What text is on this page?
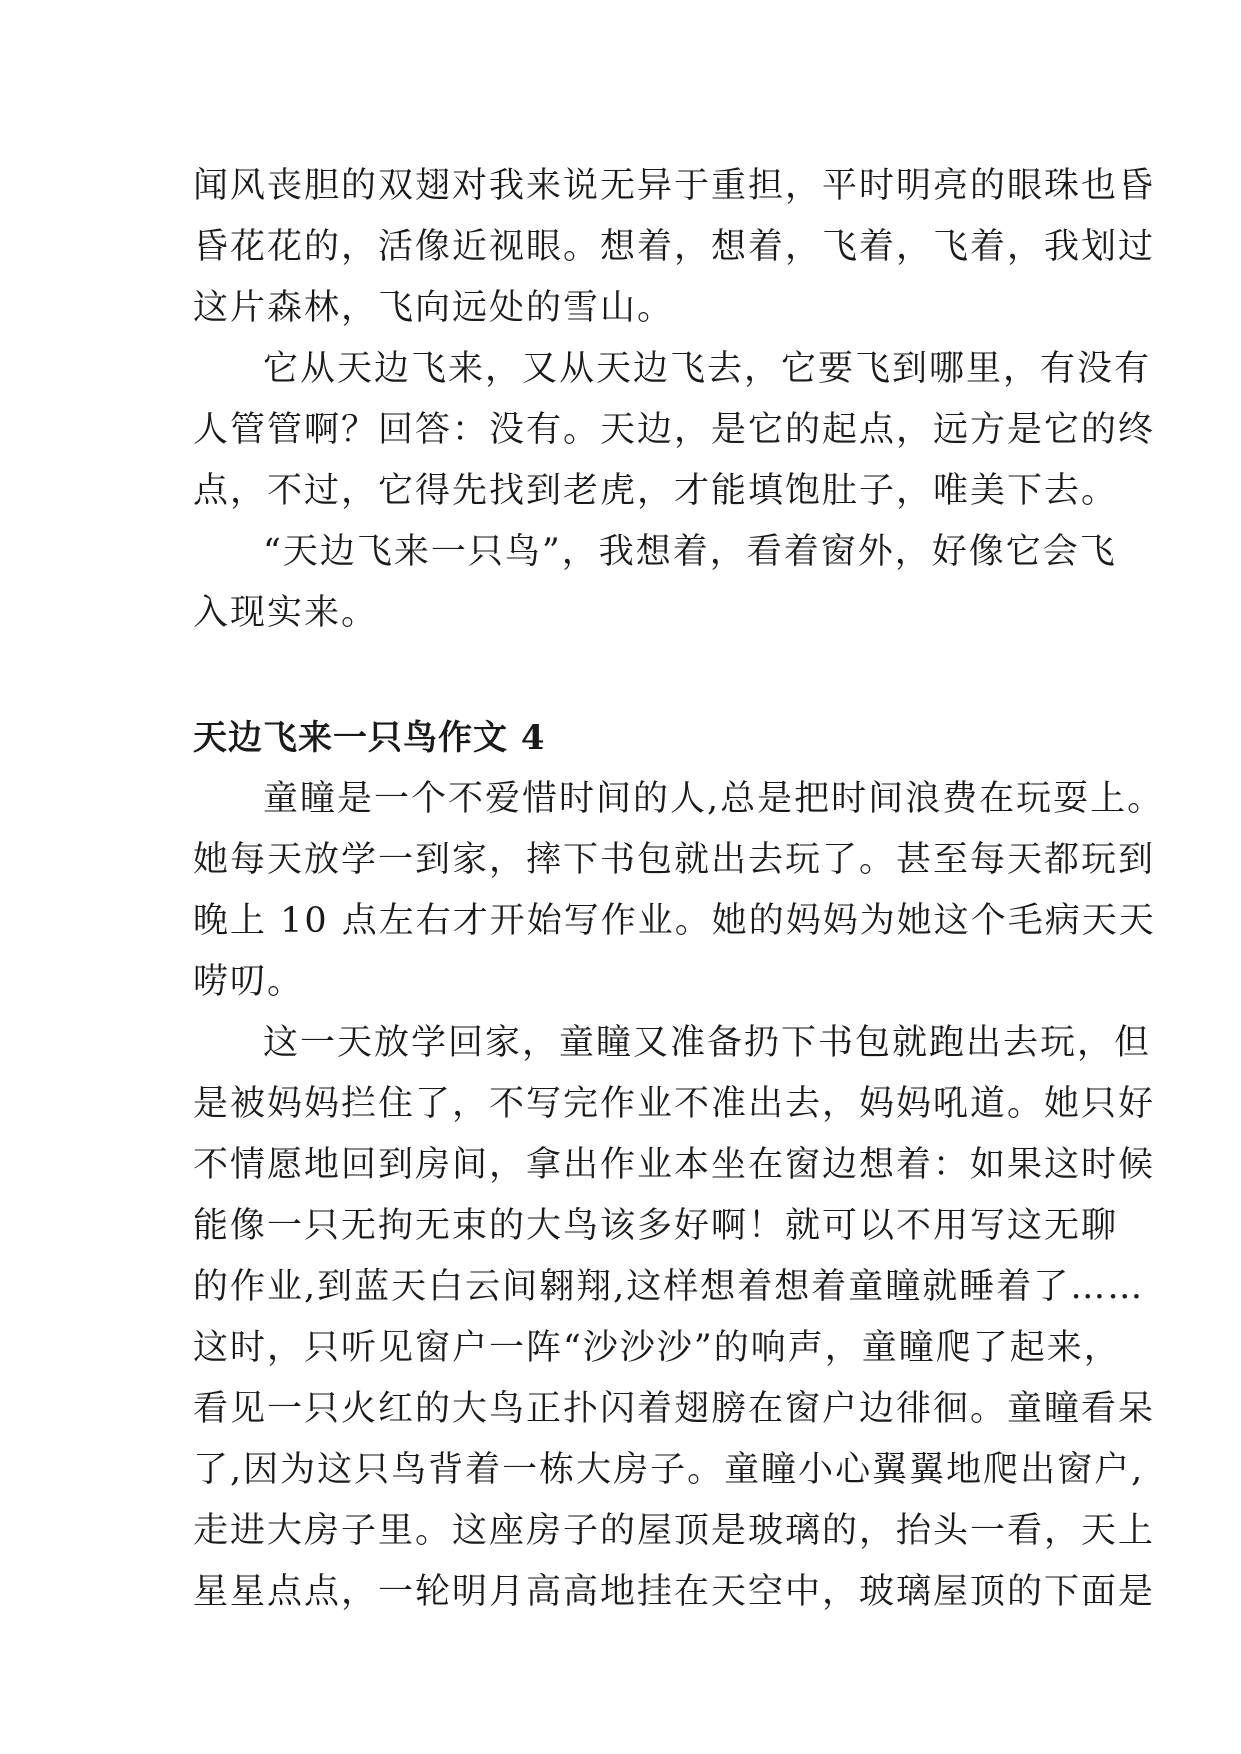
闻风丧胆的双翅对我来说无异于重担，平时明亮的眼珠也昏
昏花花的，活像近视眼。想着，想着，飞着，飞着，我划过
这片森林，飞向远处的雪山。

它从天边飞来，又从天边飞去，它要飞到哪里，有没有
人管管啊？回答：没有。天边，是它的起点，远方是它的终
点，不过，它得先找到老虎，才能填饱肚子，唯美下去。

“天边飞来一只鸟”，我想着，看着窗外，好像它会飞
入现实来。

天边飞来一只鸟作文 4

童瞳是一个不爱惜时间的人,总是把时间浪费在玩耍上。
她每天放学一到家，摔下书包就出去玩了。甚至每天都玩到
晚上 10 点左右才开始写作业。她的妈妈为她这个毛病天天
唠叨。

这一天放学回家，童瞳又准备扔下书包就跑出去玩，但
是被妈妈拦住了，不写完作业不准出去，妈妈吼道。她只好
不情愿地回到房间，拿出作业本坐在窗边想着：如果这时候
能像一只无拘无束的大鸟该多好啊！就可以不用写这无聊
的作业,到蓝天白云间翱翔,这样想着想着童瞳就睡着了……
这时，只听见窗户一阵“沙沙沙”的响声，童瞳爬了起来，
看见一只火红的大鸟正扑闪着翅膀在窗户边徘徊。童瞳看呆
了,因为这只鸟背着一栋大房子。童瞳小心翼翼地爬出窗户,
走进大房子里。这座房子的屋顶是玻璃的，抬头一看，天上
星星点点，一轮明月高高地挂在天空中，玻璃屋顶的下面是
